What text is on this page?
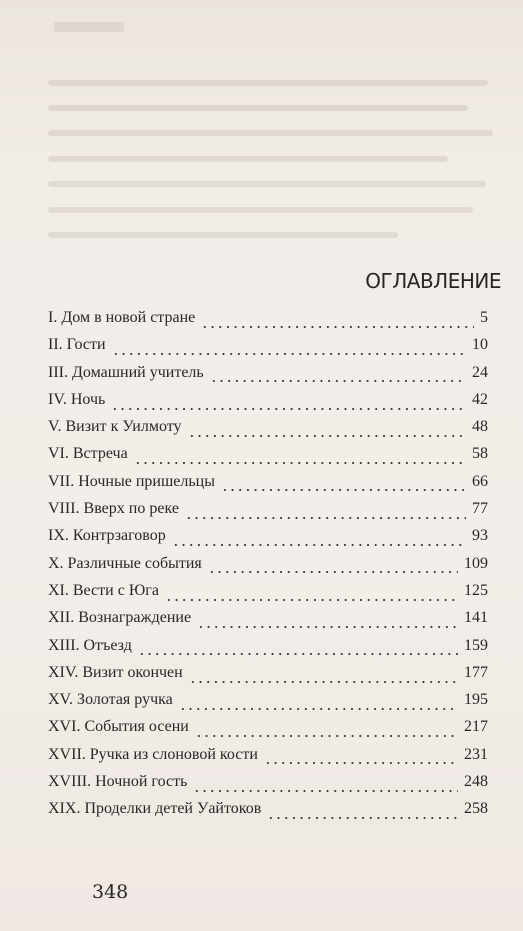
оглавление
I. Дом в новой стране	5
II. Гости	10
III. Домашний учитель	24
IV. Ночь	42
V. Визит к Уилмоту	48
VI. Встреча	58
VII. Ночные пришельцы	66
VIII. Вверх по реке	77
IX. Контрзаговор	93
X. Различные события	109
XI. Вести с Юга	125
XII. Вознаграждение	141
XIII. Отъезд	159
XIV. Визит окончен	177
XV. Золотая ручка	195
XVI. События осени	217
XVII. Ручка из слоновой кости	231
XVIII. Ночной гость	248
XIX. Проделки детей Уайтоков	258
348
